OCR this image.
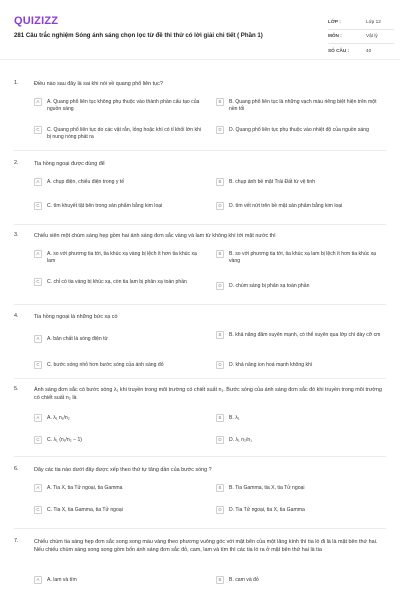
QUIZIZZ
281 Câu trắc nghiệm Sóng ánh sáng chọn lọc từ đề thi thử có lời giải chi tiết ( Phần 1)
LỚP :	Lớp 12
MÔN :	Vật lý
SỐ CÂU :	40
1.	Điều nào sau đây là sai khi nói về quang phổ liên tục?
A	A. Quang phổ liên tục không phụ thuộc vào thành phần cấu tạo của nguồn sáng
B	B. Quang phổ liên tục là những vạch màu riêng biệt hiện trên một nền tối
C	C. Quang phổ liên tục do các vật rắn, lỏng hoặc khí có tỉ khối lớn khi bị nung nóng phát ra
D	D. Quang phổ liên tục phụ thuộc vào nhiệt độ của nguồn sáng
2.	Tia hồng ngoại được dùng để
A	A. chụp điện, chiếu điện trong y tế	B	B. chụp ảnh bề mặt Trái Đất từ vệ tinh
C	C. tìm khuyết tật bên trong sản phẩm bằng kim loại	D	D. tìm vết nứt trên bề mặt sản phẩm bằng kim loại
3.	Chiếu xiên một chùm sáng hẹp gồm hai ánh sáng đơn sắc vàng và lam từ không khí tới mặt nước thì
A	A. so với phương tia tới, tia khúc xạ vàng bị lệch ít hơn tia khúc xạ lam
B	B. so với phương tia tới, tia khúc xạ lam bị lệch ít hơn tia khúc xạ vàng
C	C. chỉ có tia vàng bị khúc xạ, còn tia lam bị phản xạ toàn phần
D	D. chùm sáng bị phản xạ toàn phần
4.	Tia hồng ngoại là những bức xạ có
A	A. bản chất là sóng điện từ
B	B. khả năng đâm xuyên mạnh, có thể xuyên qua lớp chì dày cỡ cm
C	C. bước sóng nhỏ hơn bước sóng của ánh sáng đỏ	D	D. khả năng ion hoá mạnh không khí
5.	Ánh sáng đơn sắc có bước sóng λ₁ khi truyền trong môi trường có chiết suất n₁. Bước sóng của ánh sáng đơn sắc đó khi truyền trong môi trường có chiết suất n₂ là
A	A. λ₁ n₁/n₂	B	B. λ₁
C	C. λ₁ (n₁/n₂ − 1)	D	D. λ₁ n₂/n₁
6.	Dãy các tia nào dưới đây được xếp theo thứ tự tăng dần của bước sóng ?
A	A. Tia X, tia Tử ngoại, tia Gamma	B	B. Tia Gamma, tia X, tia Tử ngoại
C	C. Tia X, tia Gamma, tia Tử ngoại	D	D. Tia Tử ngoại, tia X, tia Gamma
7.	Chiếu chùm tia sáng hẹp đơn sắc song song màu vàng theo phương vuông góc với mặt bên của một lăng kính thì tia ló đi là là mặt bên thứ hai. Nếu chiếu chùm sáng song song gồm bốn ánh sáng đơn sắc đỏ, cam, lam và tím thì các tia ló ra ở mặt bên thứ hai là tia
A	A. lam và tím	B	B. cam và đỏ
